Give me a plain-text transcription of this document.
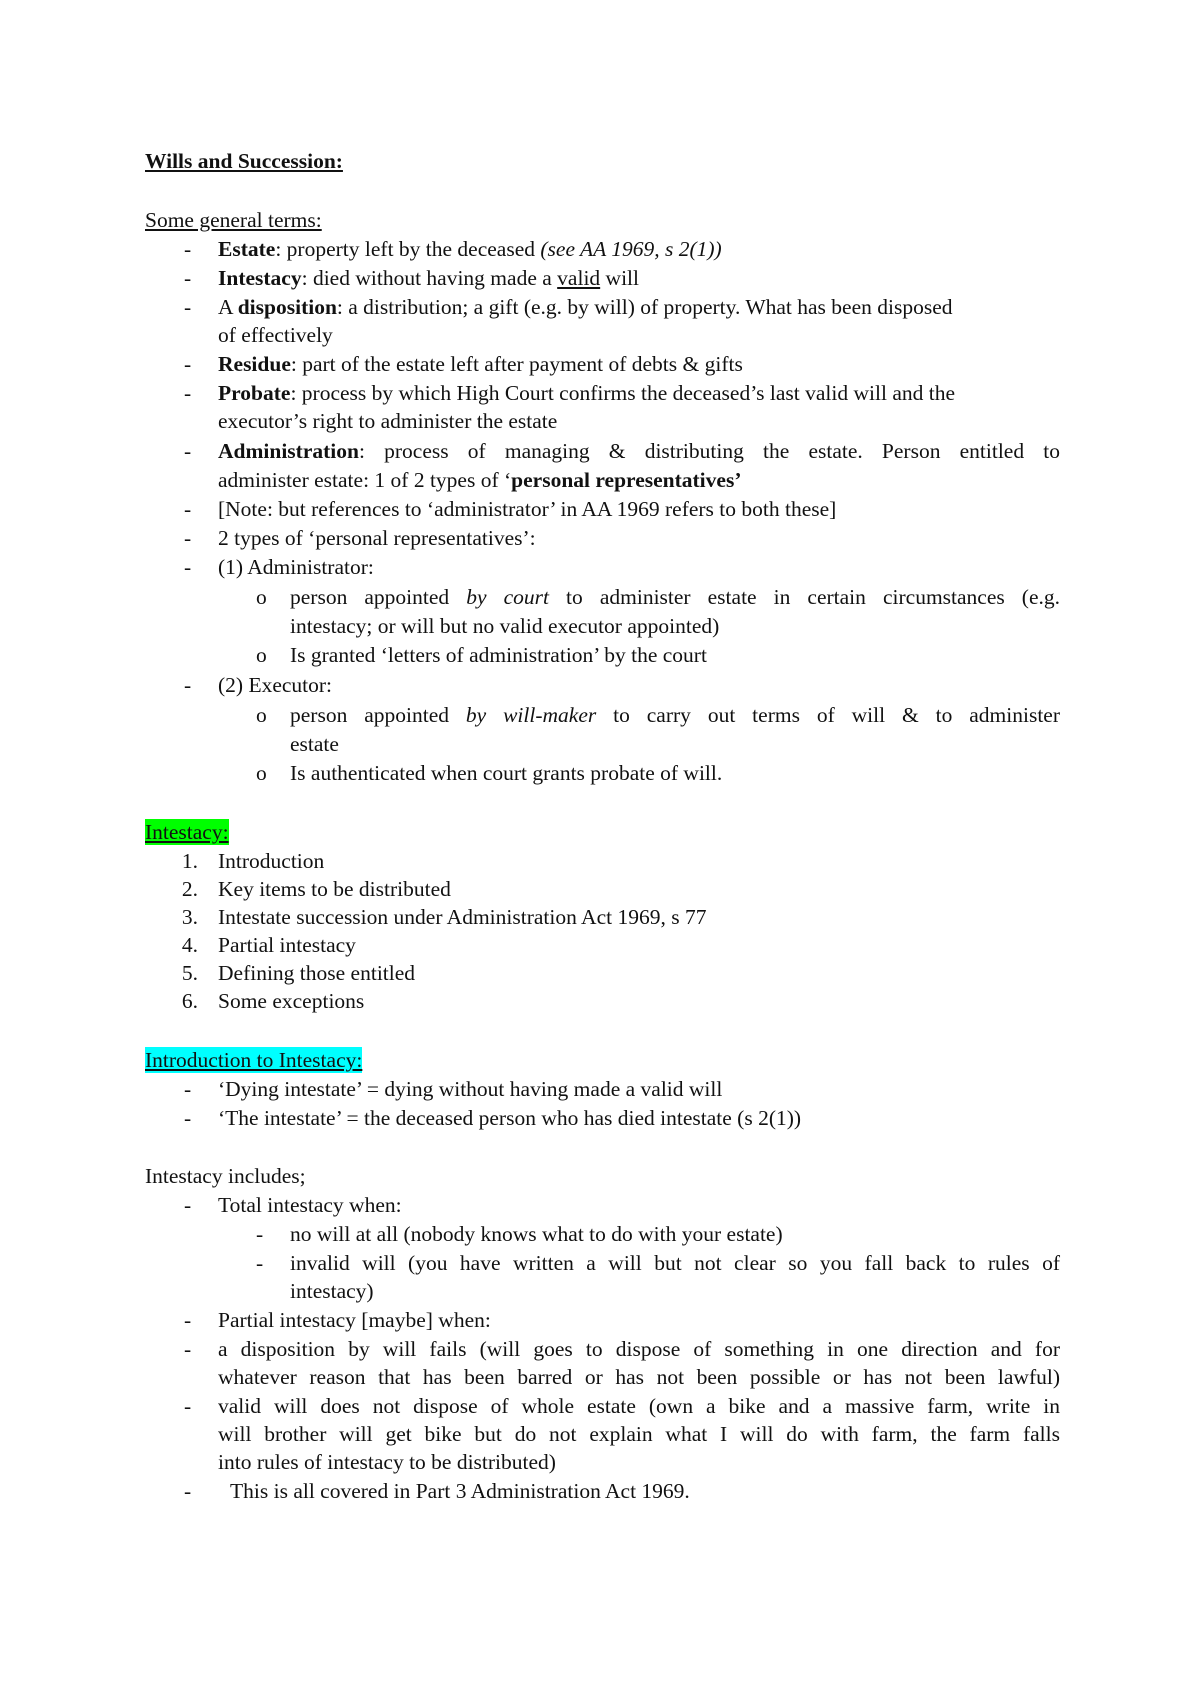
Wills and Succession:
Some general terms:
- Estate: property left by the deceased (see AA 1969, s 2(1))
- Intestacy: died without having made a valid will
- A disposition: a distribution; a gift (e.g. by will) of property. What has been disposed
of effectively
- Residue: part of the estate left after payment of debts & gifts
- Probate: process by which High Court confirms the deceased’s last valid will and the
executor’s right to administer the estate
- Administration: process of managing & distributing the estate. Person entitled to
administer estate: 1 of 2 types of ‘personal representatives’
- [Note: but references to ‘administrator’ in AA 1969 refers to both these]
- 2 types of ‘personal representatives’:
- (1) Administrator:
o person appointed by court to administer estate in certain circumstances (e.g.
intestacy; or will but no valid executor appointed)
o Is granted ‘letters of administration’ by the court
- (2) Executor:
o person appointed by will-maker to carry out terms of will & to administer
estate
o Is authenticated when court grants probate of will.
Intestacy:
1. Introduction
2. Key items to be distributed
3. Intestate succession under Administration Act 1969, s 77
4. Partial intestacy
5. Defining those entitled
6. Some exceptions
Introduction to Intestacy:
- ‘Dying intestate’ = dying without having made a valid will
- ‘The intestate’ = the deceased person who has died intestate (s 2(1))
Intestacy includes;
- Total intestacy when:
- no will at all (nobody knows what to do with your estate)
- invalid will (you have written a will but not clear so you fall back to rules of
intestacy)
- Partial intestacy [maybe] when:
- a disposition by will fails (will goes to dispose of something in one direction and for
whatever reason that has been barred or has not been possible or has not been lawful)
- valid will does not dispose of whole estate (own a bike and a massive farm, write in
will brother will get bike but do not explain what I will do with farm, the farm falls
into rules of intestacy to be distributed)
- This is all covered in Part 3 Administration Act 1969.
